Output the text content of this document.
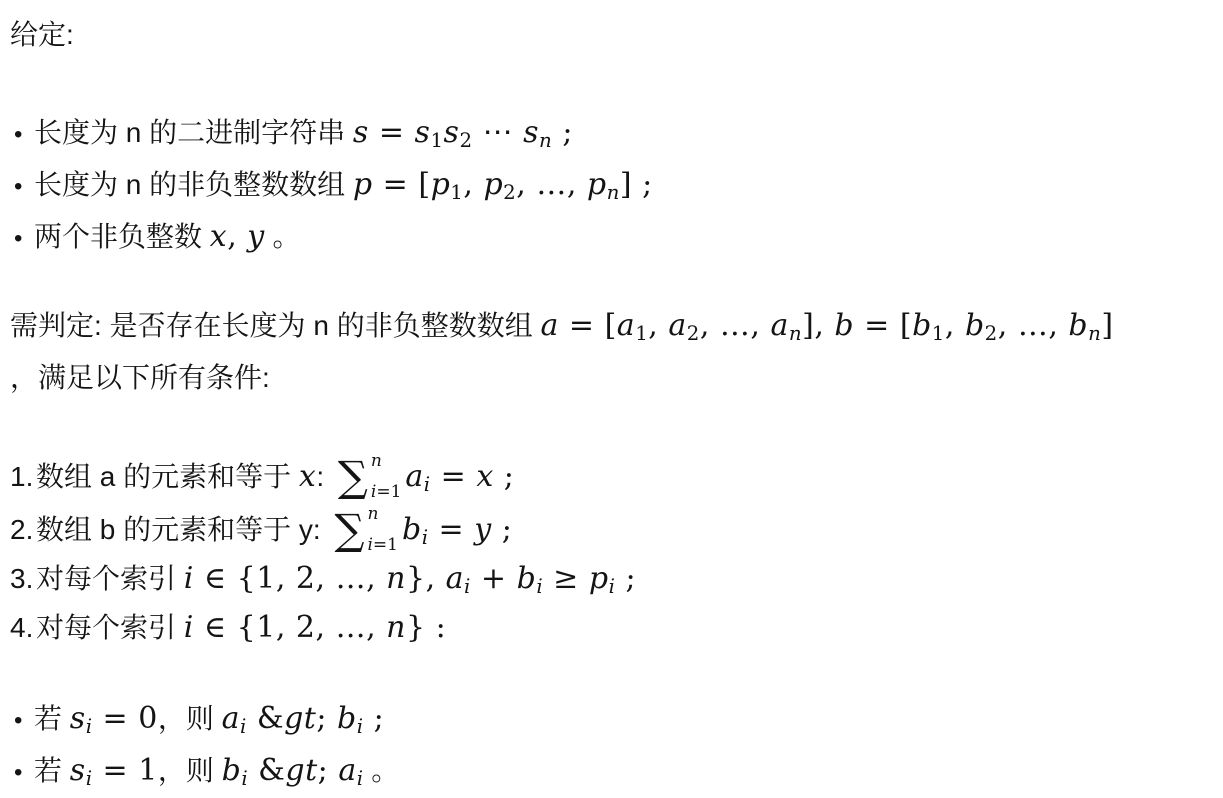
给定:
• 长度为 n 的二进制字符串 $s = s_1s_2$ ⋯ $s_n$ ;
• 长度为 n 的非负整数数组 $p = [p_1$, $p_2$, …, $p_n$] ;
• 两个非负整数 x, y 。
需判定: 是否存在长度为 n 的非负整数数组 $a = [a_1$, $a_2$, …, $a_n$], $b = [b_1$, $b_2$, …, $b_n$]
，满足以下所有条件:
1. 数组 a 的元素和等于 x: ∑ n
i=1 $a_i = x$ ;
2. 数组 b 的元素和等于 y: ∑ n
i=1 $b_i = y$ ;
3. 对每个索引 i ∈ {1, 2, …, n}, $a_i + b_i \ge p_i$ ;
4. 对每个索引 i ∈ {1, 2, …, n} :
• 若 $s_i = 0$，则 $a_i$ &gt; $b_i$ ;
• 若 $s_i = 1$，则 $b_i$ &gt; $a_i$ 。
